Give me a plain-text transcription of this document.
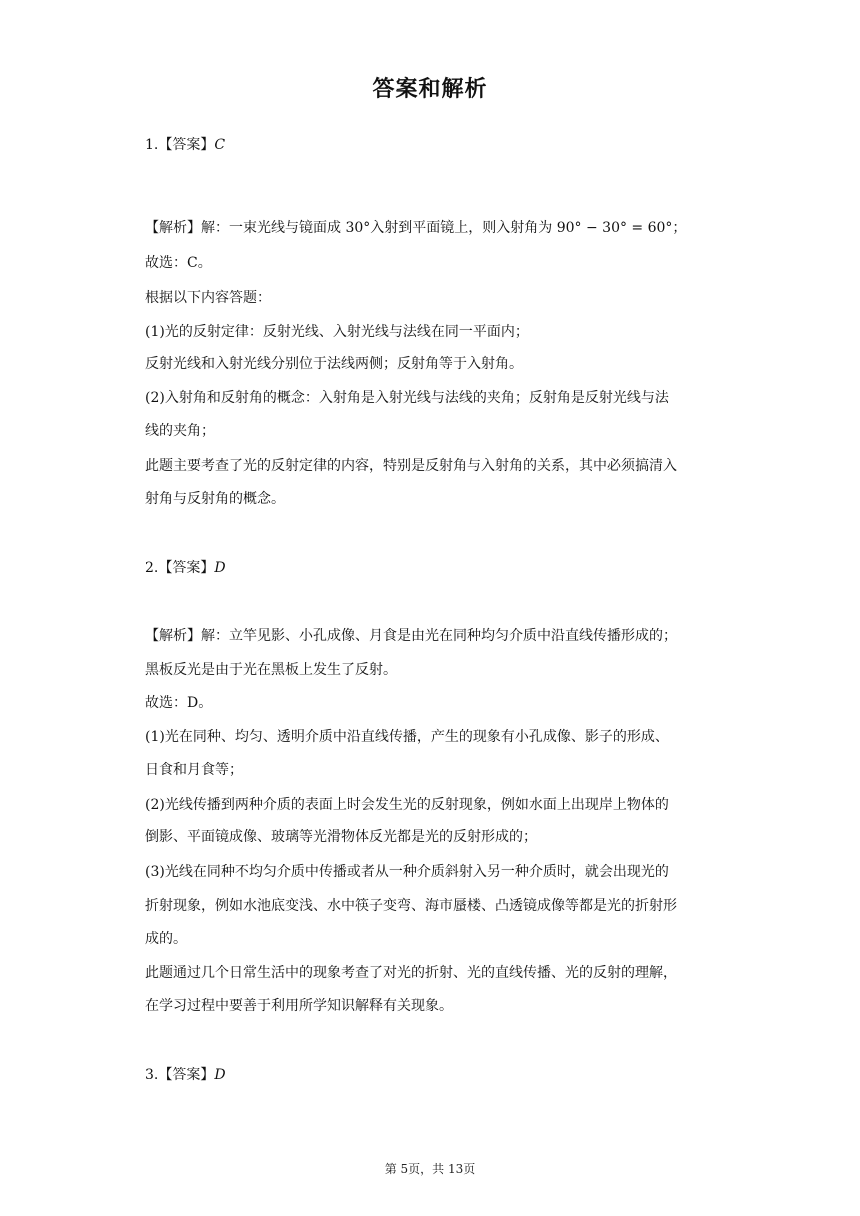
答案和解析
1.【答案】C
【解析】解：一束光线与镜面成 30°入射到平面镜上，则入射角为 90° − 30° = 60°；
故选：C。
根据以下内容答题：
(1)光的反射定律：反射光线、入射光线与法线在同一平面内；
反射光线和入射光线分别位于法线两侧；反射角等于入射角。
(2)入射角和反射角的概念：入射角是入射光线与法线的夹角；反射角是反射光线与法
线的夹角；
此题主要考查了光的反射定律的内容，特别是反射角与入射角的关系，其中必须搞清入
射角与反射角的概念。
2.【答案】D
【解析】解：立竿见影、小孔成像、月食是由光在同种均匀介质中沿直线传播形成的；
黑板反光是由于光在黑板上发生了反射。
故选：D。
(1)光在同种、均匀、透明介质中沿直线传播，产生的现象有小孔成像、影子的形成、
日食和月食等；
(2)光线传播到两种介质的表面上时会发生光的反射现象，例如水面上出现岸上物体的
倒影、平面镜成像、玻璃等光滑物体反光都是光的反射形成的；
(3)光线在同种不均匀介质中传播或者从一种介质斜射入另一种介质时，就会出现光的
折射现象，例如水池底变浅、水中筷子变弯、海市蜃楼、凸透镜成像等都是光的折射形
成的。
此题通过几个日常生活中的现象考查了对光的折射、光的直线传播、光的反射的理解，
在学习过程中要善于利用所学知识解释有关现象。
3.【答案】D
第 5页，共 13页
